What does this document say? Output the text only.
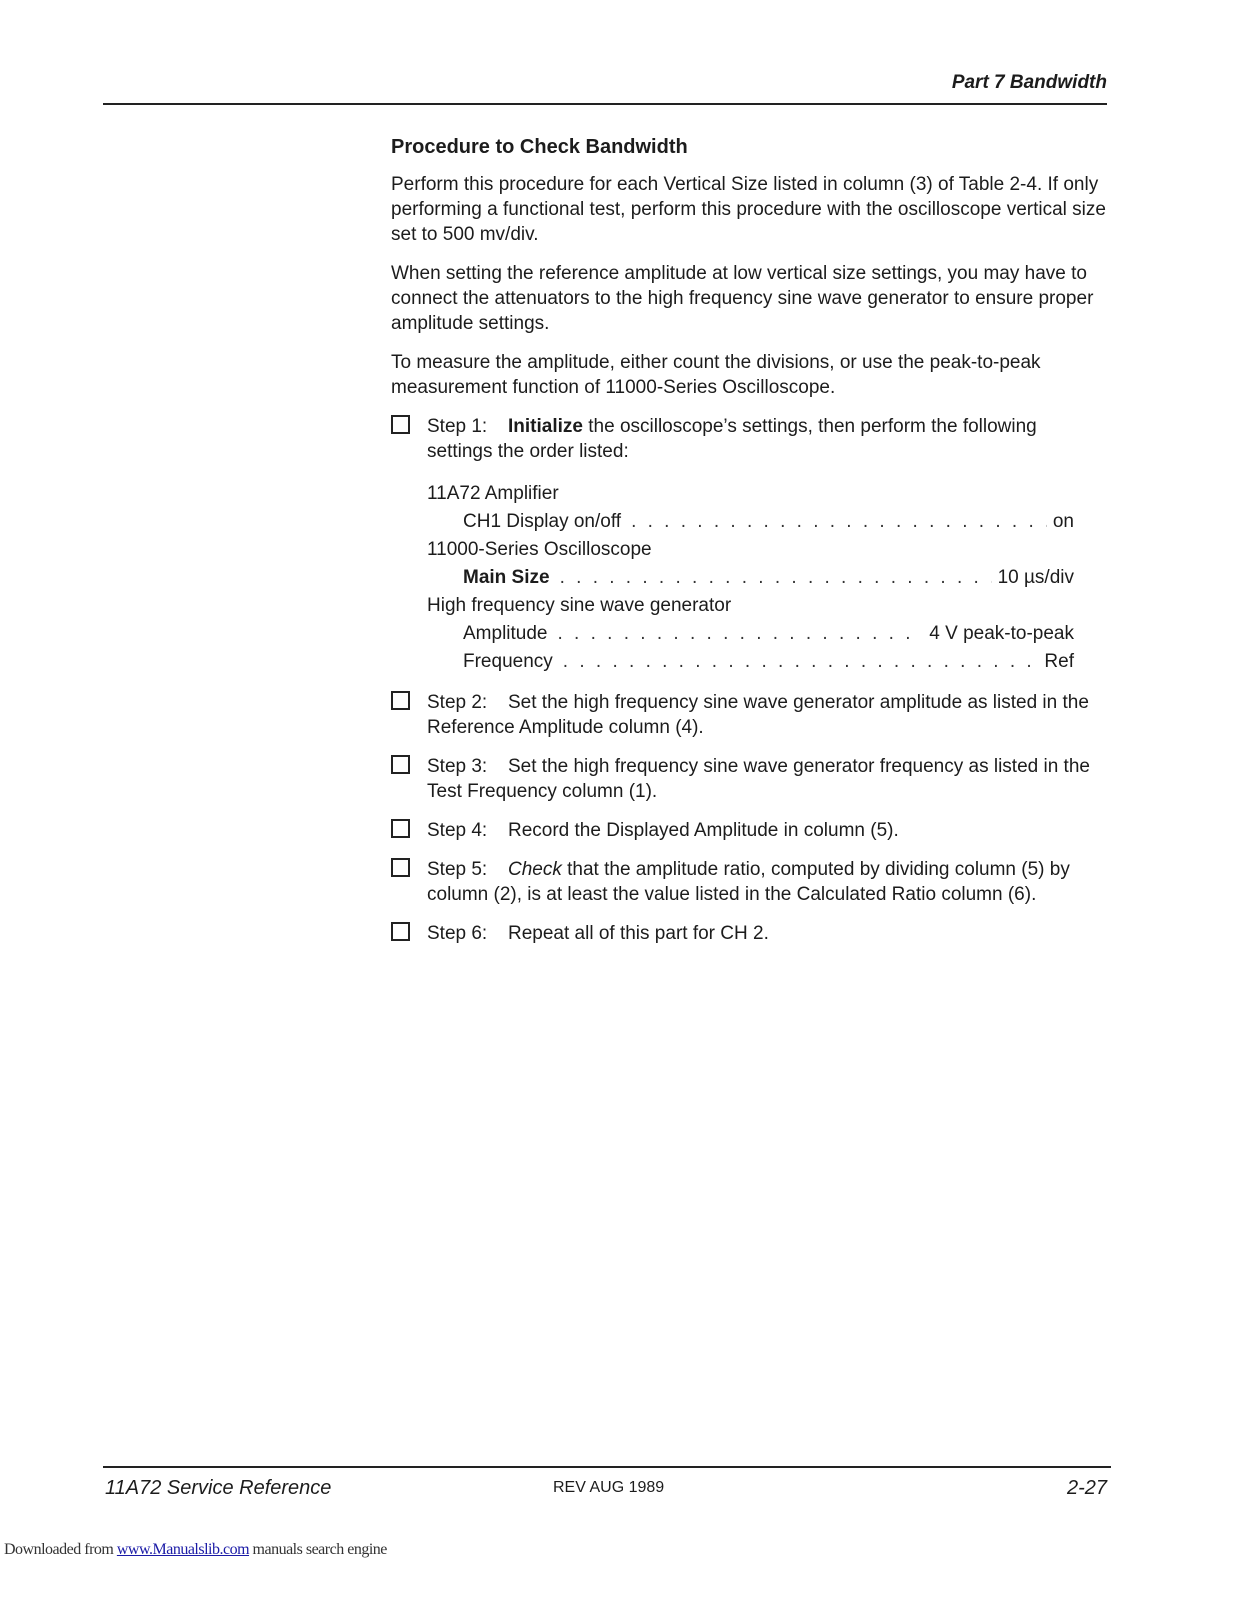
Part 7 Bandwidth
Procedure to Check Bandwidth

Perform this procedure for each Vertical Size listed in column (3) of Table 2-4. If only performing a functional test, perform this procedure with the oscilloscope vertical size set to 500 mv/div.

When setting the reference amplitude at low vertical size settings, you may have to connect the attenuators to the high frequency sine wave generator to ensure proper amplitude settings.

To measure the amplitude, either count the divisions, or use the peak-to-peak measurement function of 11000-Series Oscilloscope.

Step 1: Initialize the oscilloscope’s settings, then perform the following settings the order listed:
11A72 Amplifier
CH1 Display on/off . . .	on
11000-Series Oscilloscope
Main Size . . .	10 µs/div
High frequency sine wave generator
Amplitude . . .	4 V peak-to-peak
Frequency . . .	Ref
Step 2: Set the high frequency sine wave generator amplitude as listed in the Reference Amplitude column (4).
Step 3: Set the high frequency sine wave generator frequency as listed in the Test Frequency column (1).
Step 4: Record the Displayed Amplitude in column (5).
Step 5: Check that the amplitude ratio, computed by dividing column (5) by column (2), is at least the value listed in the Calculated Ratio column (6).
Step 6: Repeat all of this part for CH 2.
11A72 Service Reference	REV AUG 1989	2-27
Downloaded from www.Manualslib.com manuals search engine
